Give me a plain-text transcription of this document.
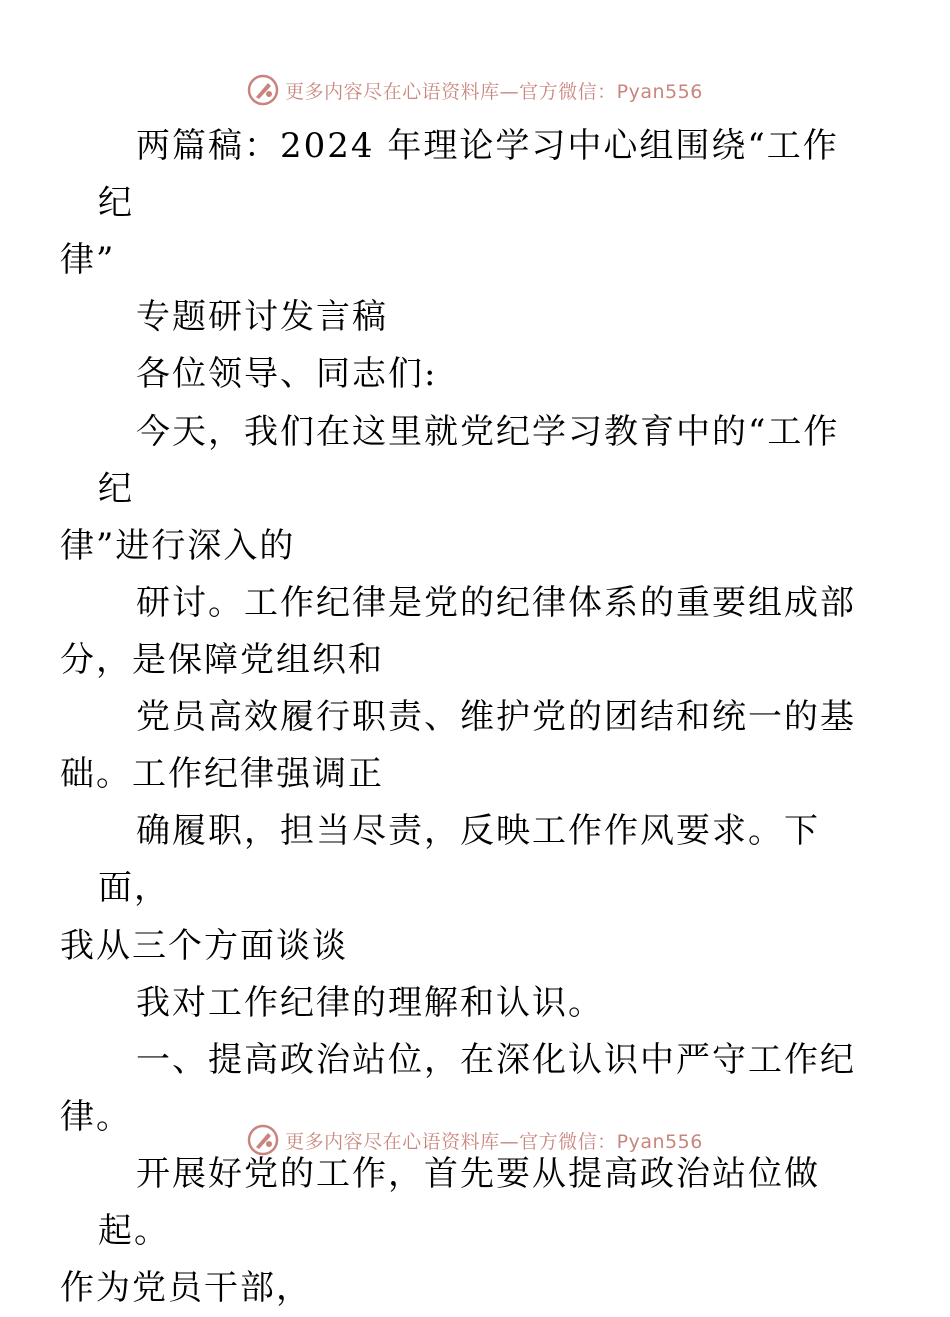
更多内容尽在心语资料库—官方微信：Pyan556

两篇稿：2024 年理论学习中心组围绕“工作纪
律”

专题研讨发言稿

各位领导、同志们:

今天，我们在这里就党纪学习教育中的“工作纪
律”进行深入的

研讨。工作纪律是党的纪律体系的重要组成部
分，是保障党组织和

党员高效履行职责、维护党的团结和统一的基
础。工作纪律强调正

确履职，担当尽责，反映工作作风要求。下面，
我从三个方面谈谈

我对工作纪律的理解和认识。

一、提高政治站位，在深化认识中严守工作纪
律。

开展好党的工作，首先要从提高政治站位做起。
作为党员干部，

更多内容尽在心语资料库—官方微信：Pyan556
